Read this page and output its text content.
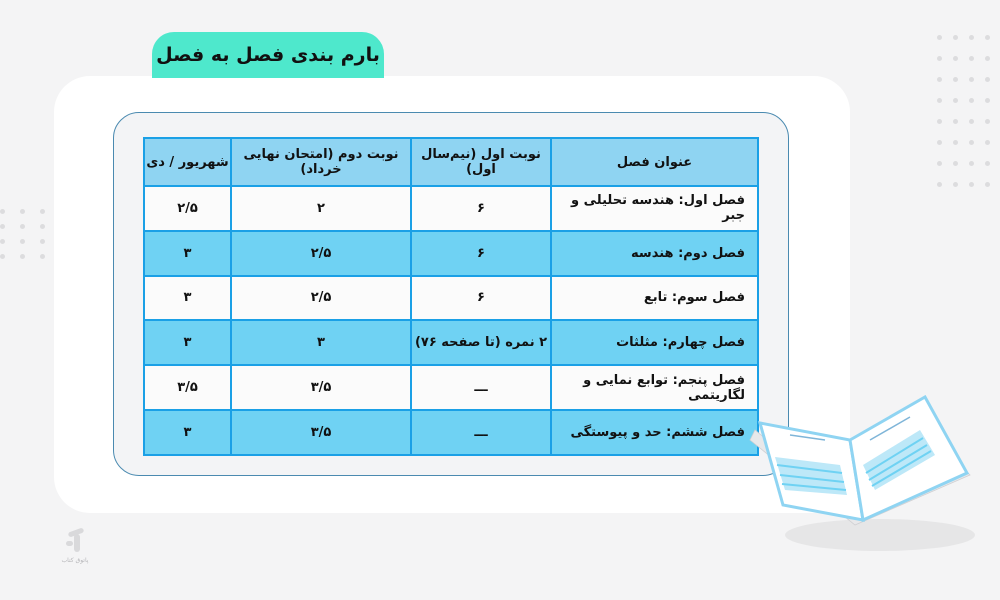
بارم بندی فصل به فصل
عنوان فصل	نوبت اول (نیم‌سال اول)	نوبت دوم (امتحان نهایی خرداد)	شهریور / دی
فصل اول: هندسه تحلیلی و جبر	۶	۲	۲/۵
فصل دوم: هندسه	۶	۲/۵	۳
فصل سوم: تابع	۶	۲/۵	۳
فصل چهارم: مثلثات	۲ نمره (تا صفحه ۷۶)	۳	۳
فصل پنجم: توابع نمایی و لگاریتمی	ـــ	۳/۵	۳/۵
فصل ششم: حد و پیوستگی	ـــ	۳/۵	۳
پاتوق کتاب
